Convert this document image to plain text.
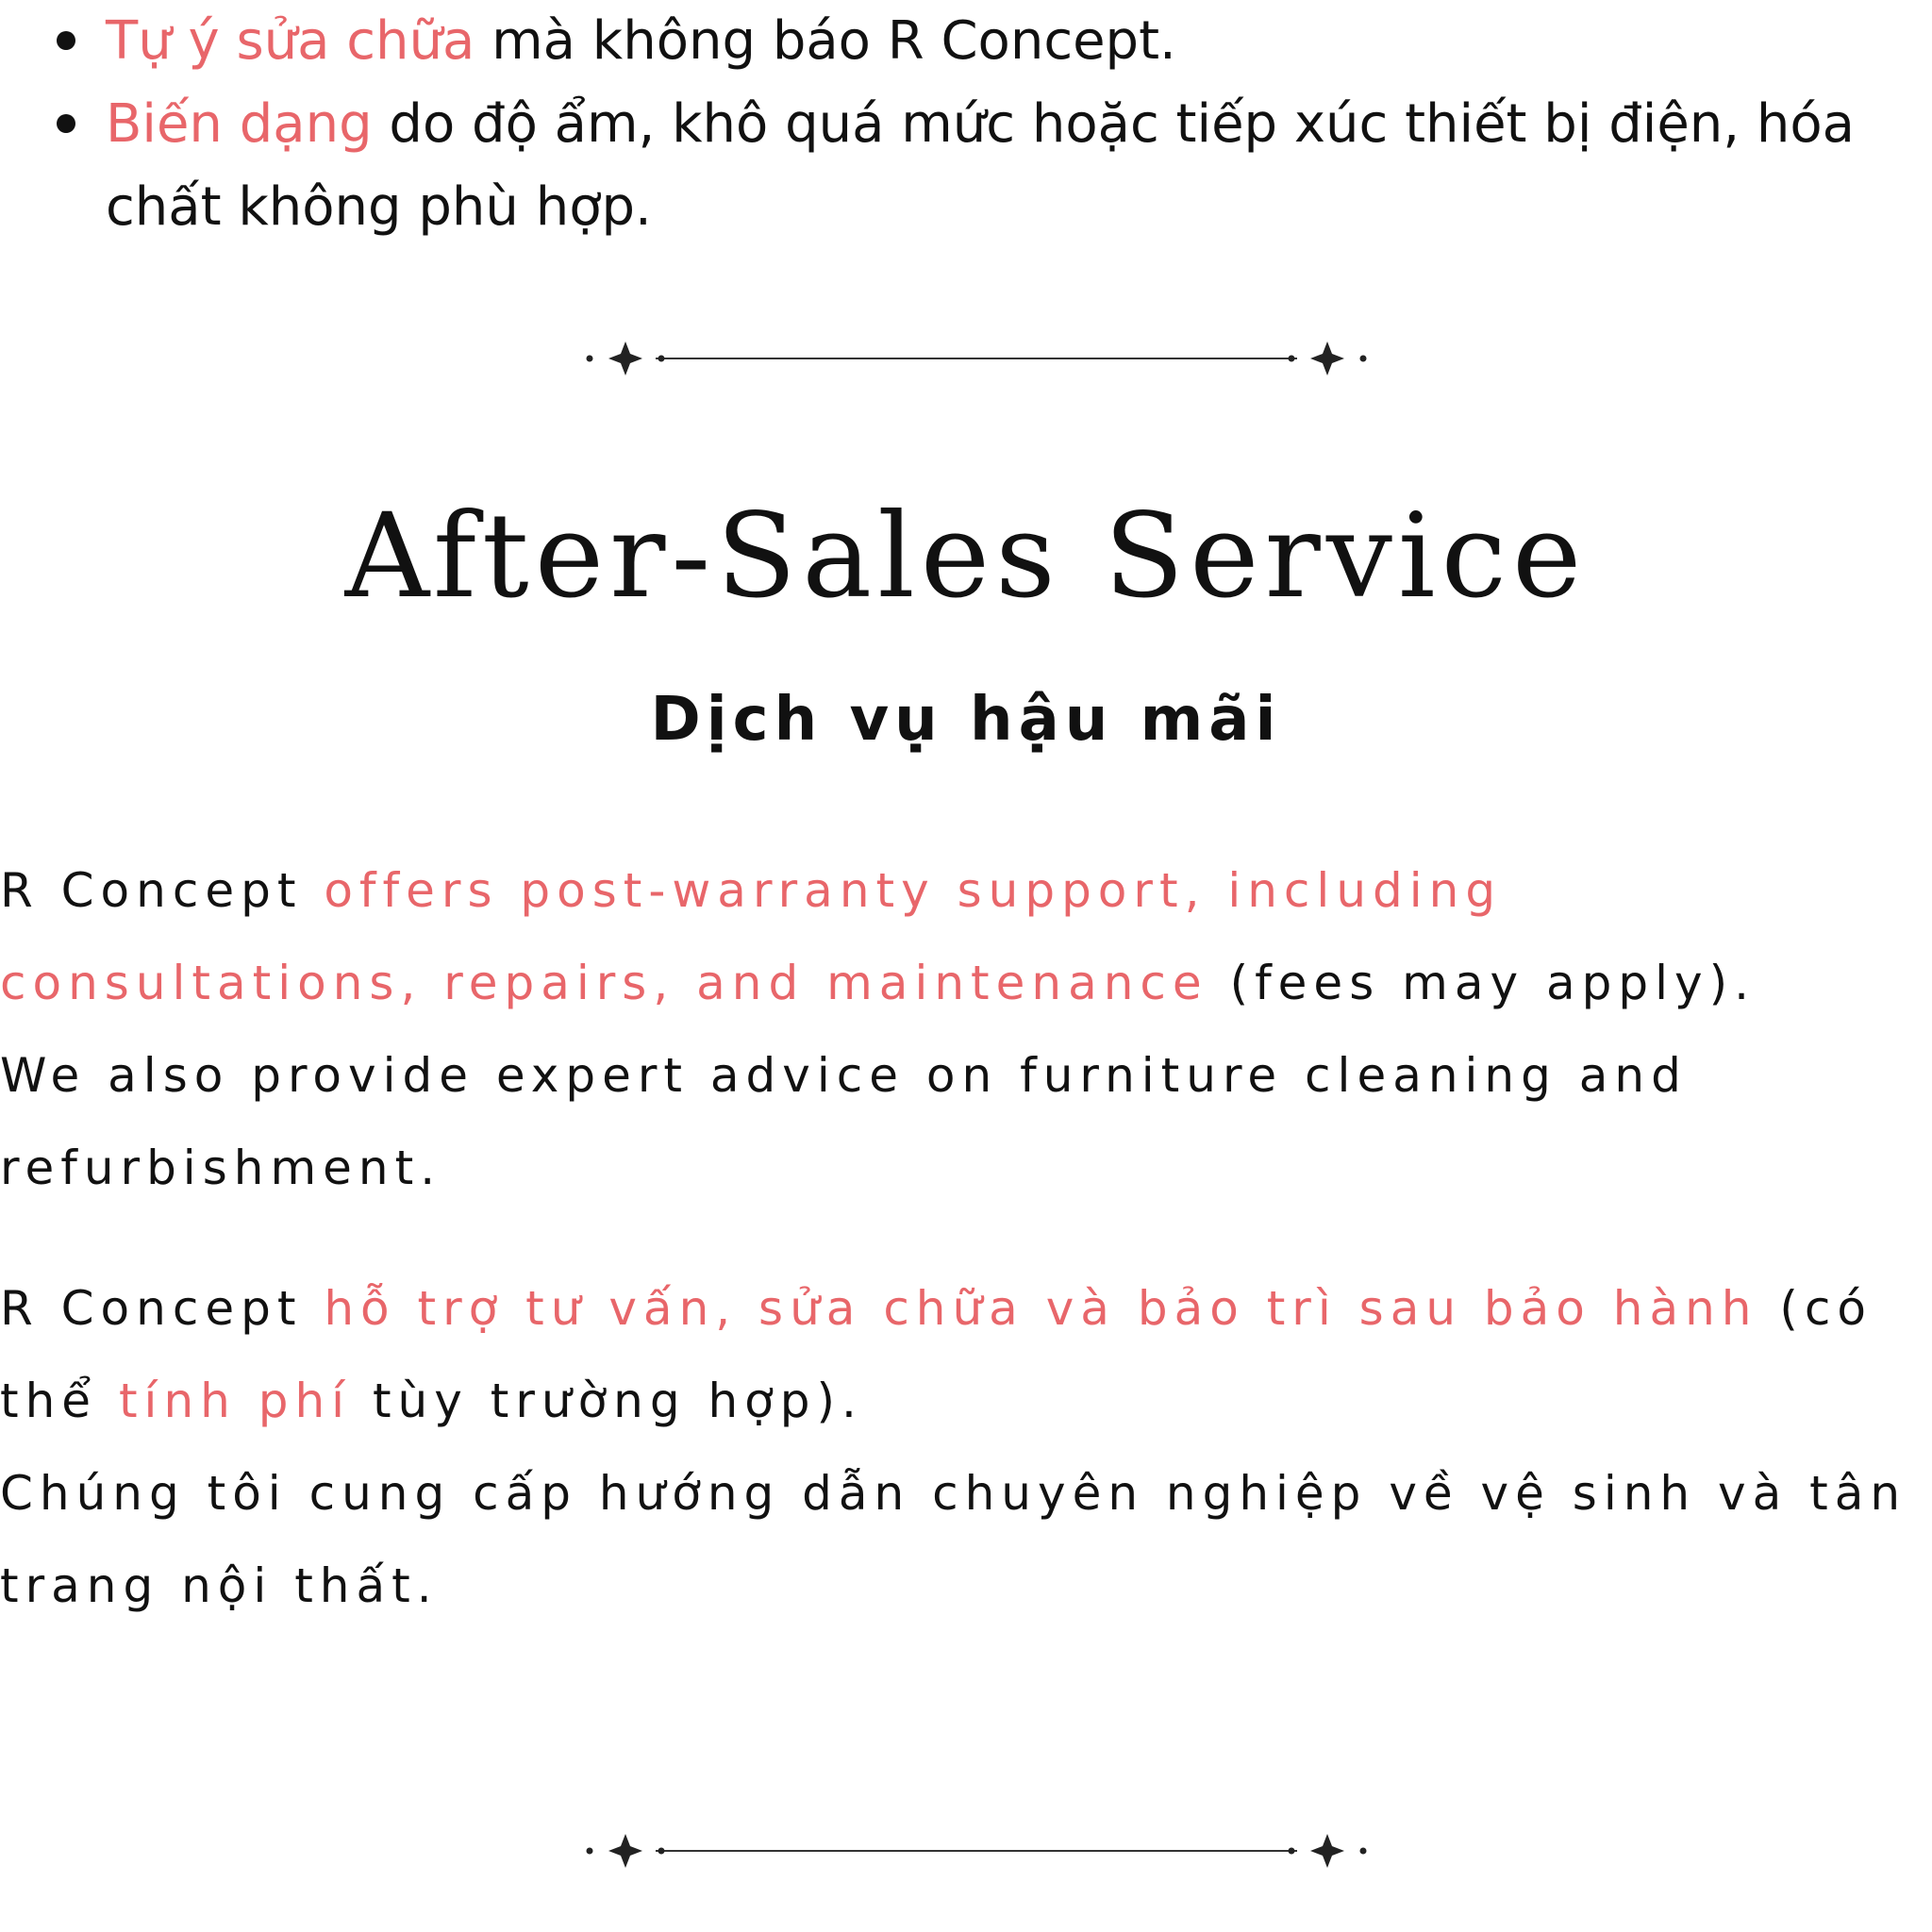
Tự ý sửa chữa mà không báo R Concept.
Biến dạng do độ ẩm, khô quá mức hoặc tiếp xúc thiết bị điện, hóa chất không phù hợp.
After-Sales Service
Dịch vụ hậu mãi

R Concept offers post-warranty support, including consultations, repairs, and maintenance (fees may apply).
We also provide expert advice on furniture cleaning and refurbishment.

R Concept hỗ trợ tư vấn, sửa chữa và bảo trì sau bảo hành (có thể tính phí tùy trường hợp).
Chúng tôi cung cấp hướng dẫn chuyên nghiệp về vệ sinh và tân trang nội thất.
